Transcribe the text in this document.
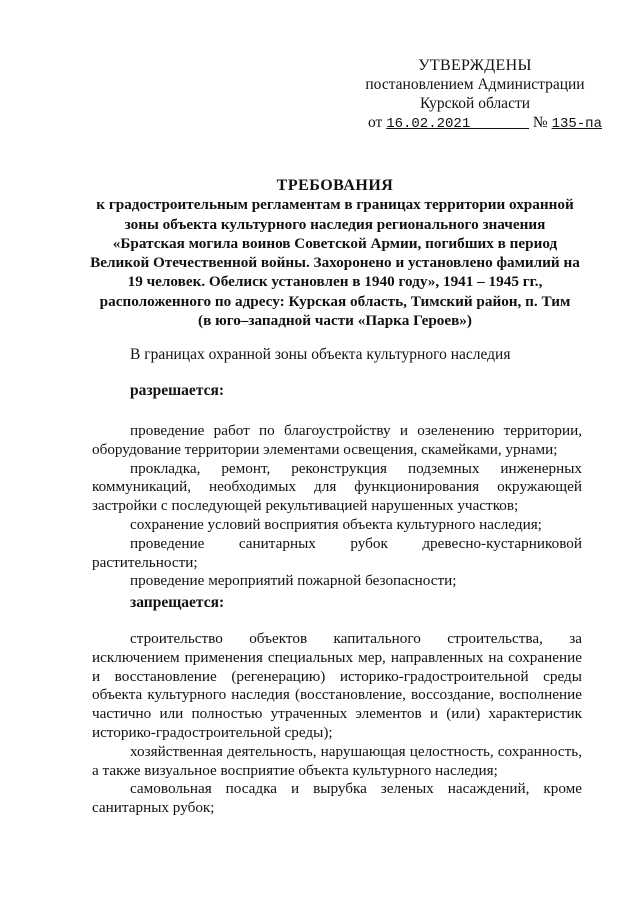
УТВЕРЖДЕНЫ
постановлением Администрации
Курской области
от 16.02.2021	№ 135-па
ТРЕБОВАНИЯ
к градостроительным регламентам в границах территории охранной
зоны объекта культурного наследия регионального значения
«Братская могила воинов Советской Армии, погибших в период
Великой Отечественной войны. Захоронено и установлено фамилий на
19 человек. Обелиск установлен в 1940 году», 1941 – 1945 гг.,
расположенного по адресу: Курская область, Тимский район, п. Тим
(в юго–западной части «Парка Героев»)
В границах охранной зоны объекта культурного наследия
разрешается:

проведение работ по благоустройству и озеленению территории, оборудование территории элементами освещения, скамейками, урнами;

прокладка, ремонт, реконструкция подземных инженерных коммуникаций, необходимых для функционирования окружающей застройки с последующей рекультивацией нарушенных участков;

сохранение условий восприятия объекта культурного наследия;

проведение санитарных рубок древесно-кустарниковой растительности;

проведение мероприятий пожарной безопасности;

запрещается:

строительство объектов капитального строительства, за исключением применения специальных мер, направленных на сохранение и восстановление (регенерацию) историко-градостроительной среды объекта культурного наследия (восстановление, воссоздание, восполнение частично или полностью утраченных элементов и (или) характеристик историко-градостроительной среды);

хозяйственная деятельность, нарушающая целостность, сохранность, а также визуальное восприятие объекта культурного наследия;

самовольная посадка и вырубка зеленых насаждений, кроме санитарных рубок;
